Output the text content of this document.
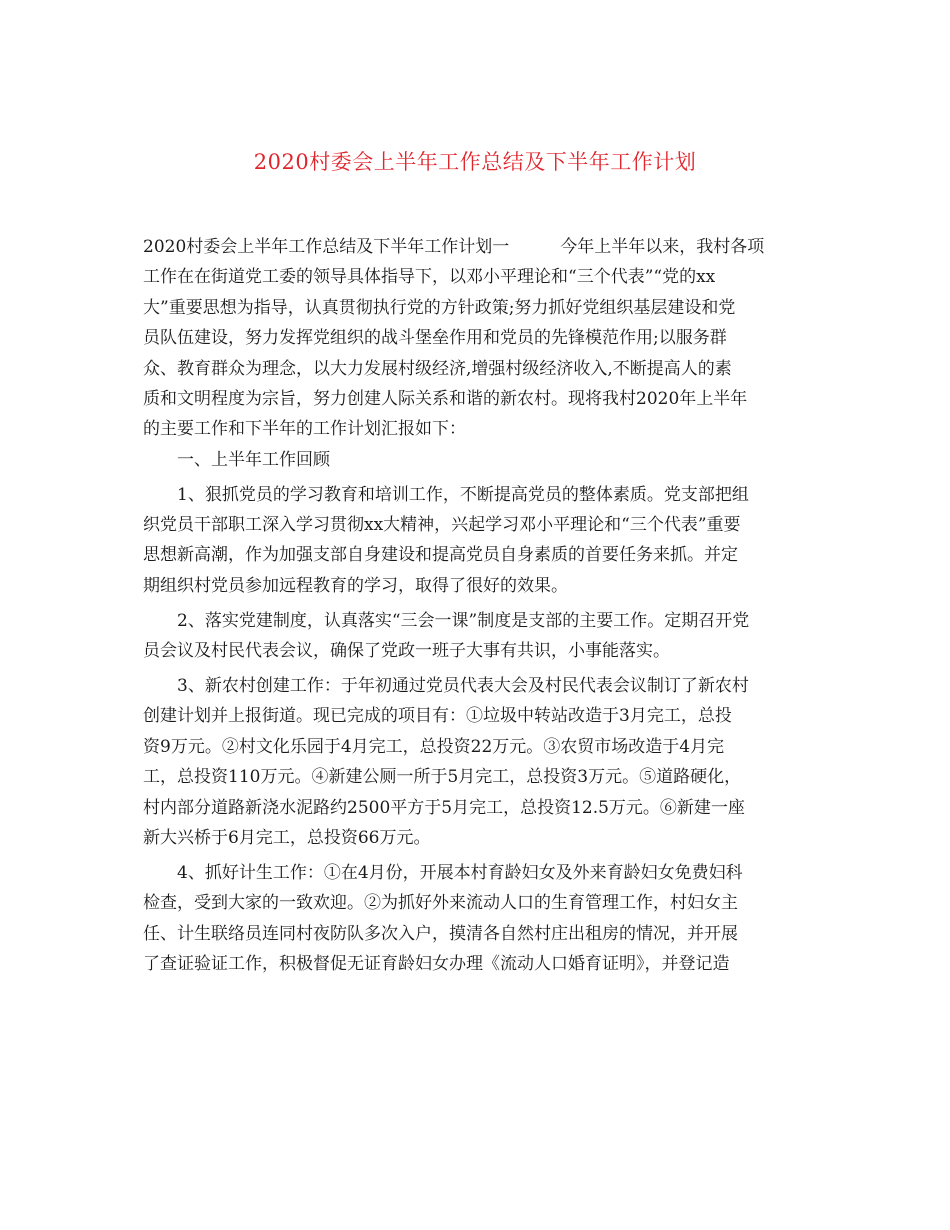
2020村委会上半年工作总结及下半年工作计划
2020村委会上半年工作总结及下半年工作计划一　　　今年上半年以来，我村各项
工作在在街道党工委的领导具体指导下，以邓小平理论和“三个代表”“党的xx
大”重要思想为指导，认真贯彻执行党的方针政策;努力抓好党组织基层建设和党
员队伍建设，努力发挥党组织的战斗堡垒作用和党员的先锋模范作用;以服务群
众、教育群众为理念，以大力发展村级经济,增强村级经济收入,不断提高人的素
质和文明程度为宗旨，努力创建人际关系和谐的新农村。现将我村2020年上半年
的主要工作和下半年的工作计划汇报如下：
　　一、上半年工作回顾
　　1、狠抓党员的学习教育和培训工作，不断提高党员的整体素质。党支部把组
织党员干部职工深入学习贯彻xx大精神，兴起学习邓小平理论和“三个代表”重要
思想新高潮，作为加强支部自身建设和提高党员自身素质的首要任务来抓。并定
期组织村党员参加远程教育的学习，取得了很好的效果。
　　2、落实党建制度，认真落实“三会一课”制度是支部的主要工作。定期召开党
员会议及村民代表会议，确保了党政一班子大事有共识，小事能落实。
　　3、新农村创建工作：于年初通过党员代表大会及村民代表会议制订了新农村
创建计划并上报街道。现已完成的项目有：①垃圾中转站改造于3月完工，总投
资9万元。②村文化乐园于4月完工，总投资22万元。③农贸市场改造于4月完
工，总投资110万元。④新建公厕一所于5月完工，总投资3万元。⑤道路硬化，
村内部分道路新浇水泥路约2500平方于5月完工，总投资12.5万元。⑥新建一座
新大兴桥于6月完工，总投资66万元。
　　4、抓好计生工作：①在4月份，开展本村育龄妇女及外来育龄妇女免费妇科
检查，受到大家的一致欢迎。②为抓好外来流动人口的生育管理工作，村妇女主
任、计生联络员连同村夜防队多次入户，摸清各自然村庄出租房的情况，并开展
了查证验证工作，积极督促无证育龄妇女办理《流动人口婚育证明》，并登记造
